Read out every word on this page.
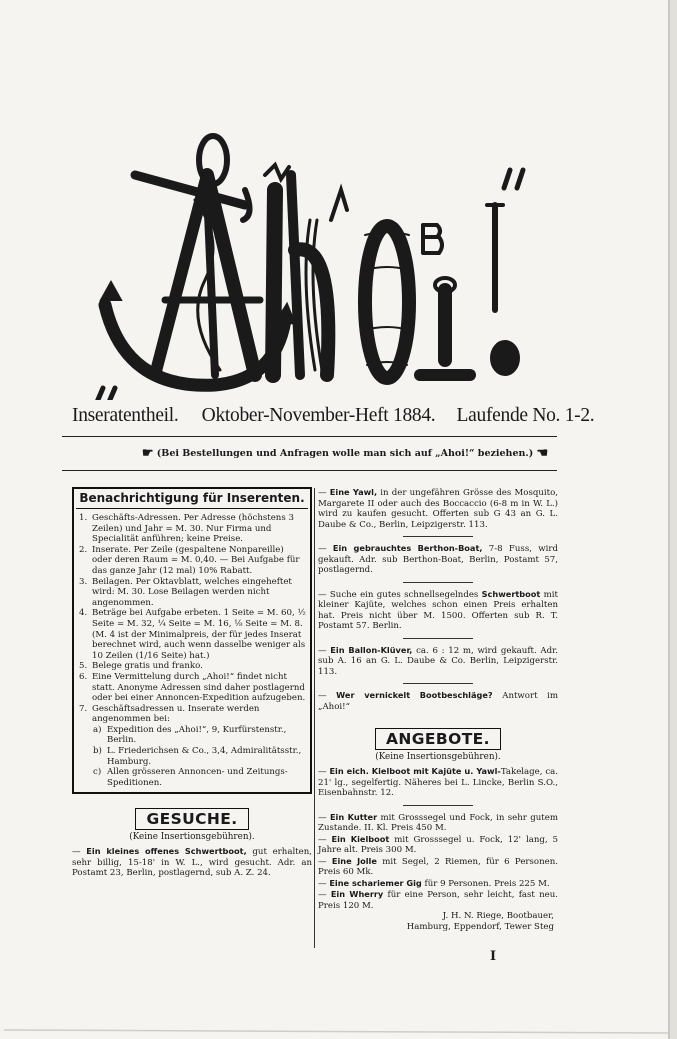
Inseratentheil. Oktober-November-Heft 1884. Laufende No. 1-2.
☛ (Bei Bestellungen und Anfragen wolle man sich auf „Ahoi!“ beziehen.) ☚
Benachrichtigung für Inserenten.

1. Geschäfts-Adressen. Per Adresse (höchstens 3 Zeilen) und Jahr = M. 30. Nur Firma und Specialität anführen; keine Preise.

2. Inserate. Per Zeile (gespaltene Nonpareille) oder deren Raum = M. 0,40. — Bei Aufgabe für das ganze Jahr (12 mal) 10% Rabatt.

3. Beilagen. Per Oktavblatt, welches eingeheftet wird: M. 30. Lose Beilagen werden nicht angenommen.

4. Beträge bei Aufgabe erbeten. 1 Seite = M. 60, ½ Seite = M. 32, ¼ Seite = M. 16, ⅛ Seite = M. 8. (M. 4 ist der Minimalpreis, der für jedes Inserat berechnet wird, auch wenn dasselbe weniger als 10 Zeilen (1/16 Seite) hat.)

5. Belege gratis und franko.

6. Eine Vermittelung durch „Ahoi!“ findet nicht statt. Anonyme Adressen sind daher postlagernd oder bei einer Annoncen-Expedition aufzugeben.

7. Geschäftsadressen u. Inserate werden angenommen bei:

a) Expedition des „Ahoi!“, 9, Kurfürstenstr., Berlin.
b) L. Friederichsen & Co., 3,4, Admiralitätsstr., Hamburg.
c) Allen grösseren Annoncen- und Zeitungs-Speditionen.
GESUCHE.
(Keine Insertionsgebühren).

— Ein kleines offenes Schwertboot, gut erhalten, sehr billig, 15-18' in W. L., wird gesucht. Adr. an Postamt 23, Berlin, postlagernd, sub A. Z. 24.

— Eine Yawl, in der ungefähren Grösse des Mosquito, Margarete II oder auch des Boccaccio (6-8 m in W. L.) wird zu kaufen gesucht. Offerten sub G 43 an G. L. Daube & Co., Berlin, Leipzigerstr. 113.

— Ein gebrauchtes Berthon-Boat, 7-8 Fuss, wird gekauft. Adr. sub Berthon-Boat, Berlin, Postamt 57, postlagernd.

— Suche ein gutes schnellsegelndes Schwertboot mit kleiner Kajüte, welches schon einen Preis erhalten hat. Preis nicht über M. 1500. Offerten sub R. T. Postamt 57. Berlin.

— Ein Ballon-Klüver, ca. 6 : 12 m, wird gekauft. Adr. sub A. 16 an G. L. Daube & Co. Berlin, Leipzigerstr. 113.

— Wer vernickelt Bootbeschläge? Antwort im „Ahoi!“

ANGEBOTE.
(Keine Insertionsgebühren).

— Ein eich. Kielboot mit Kajüte u. Yawl-Takelage, ca. 21' lg., segelfertig. Näheres bei L. Lincke, Berlin S.O., Eisenbahnstr. 12.

— Ein Kutter mit Grosssegel und Fock, in sehr gutem Zustande. II. Kl. Preis 450 M.

— Ein Kielboot mit Grosssegel u. Fock, 12' lang, 5 Jahre alt. Preis 300 M.

— Eine Jolle mit Segel, 2 Riemen, für 6 Personen. Preis 60 Mk.

— Eine schariemer Gig für 9 Personen. Preis 225 M.

— Ein Wherry für eine Person, sehr leicht, fast neu. Preis 120 M.

J. H. N. Riege, Bootbauer,
Hamburg, Eppendorf, Tewer Steg
I
